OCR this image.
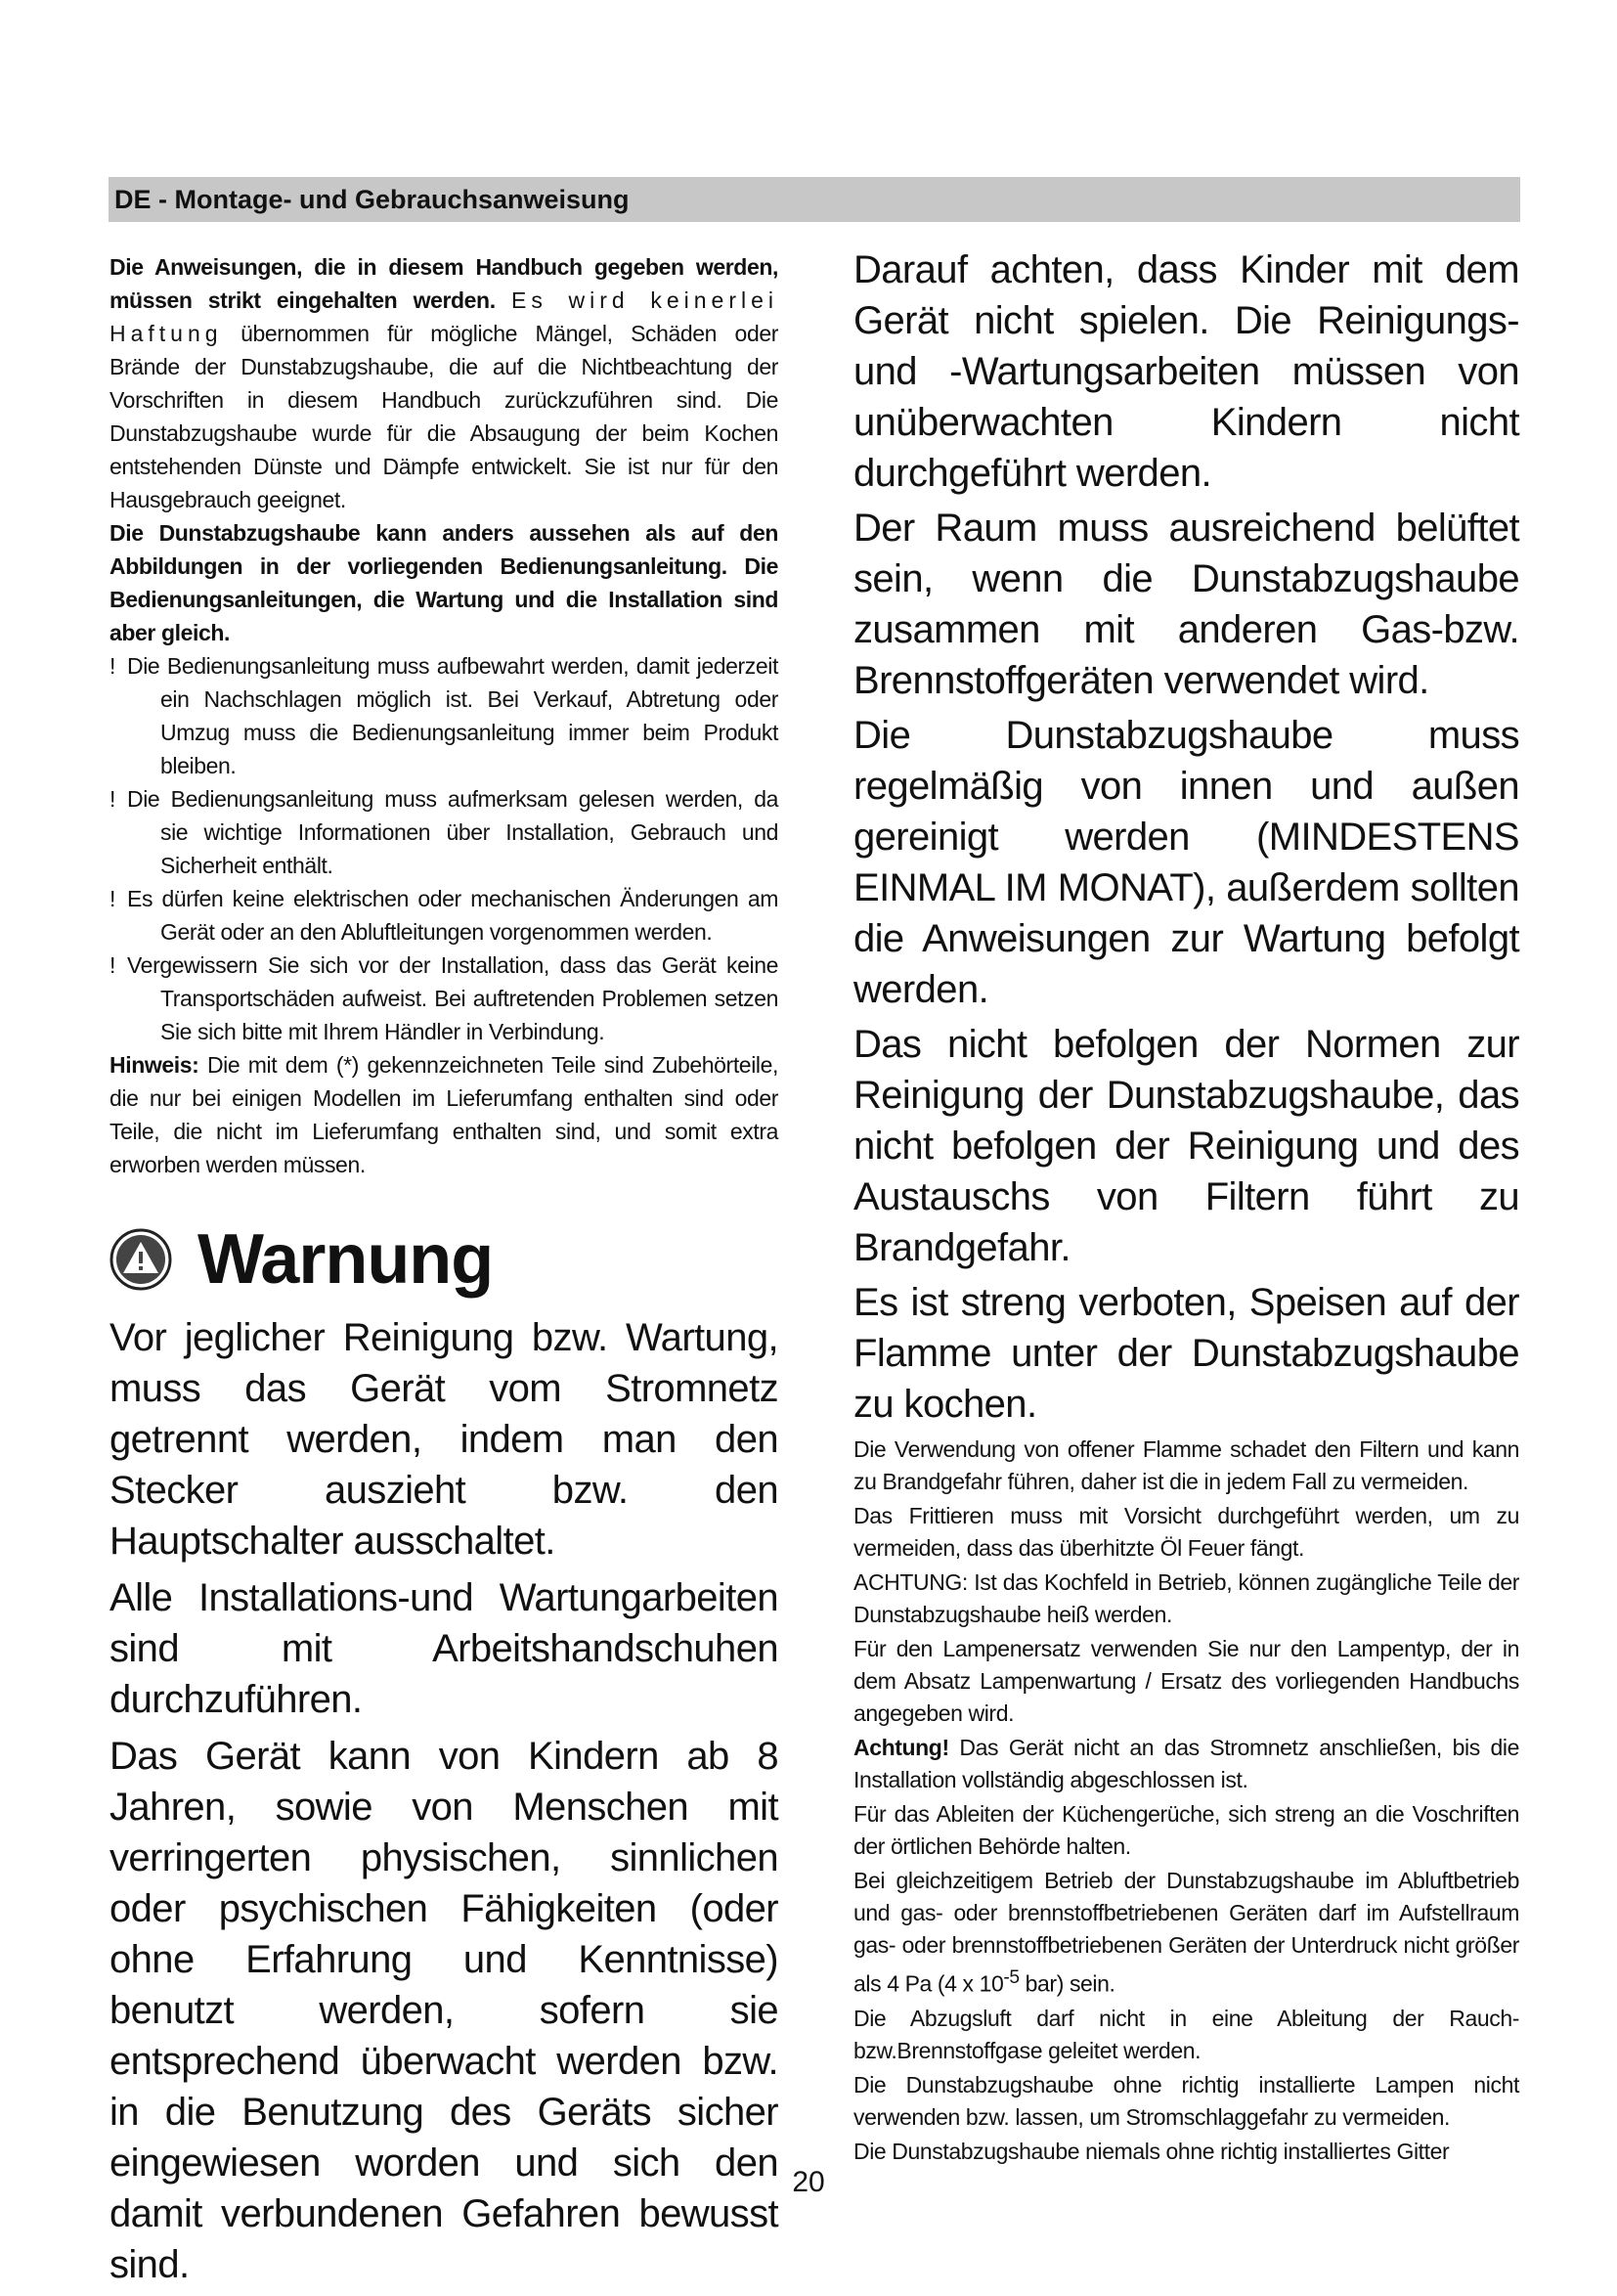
DE - Montage- und Gebrauchsanweisung

Die Anweisungen, die in diesem Handbuch gegeben werden, müssen strikt eingehalten werden. Es wird keinerlei Haftung übernommen für mögliche Mängel, Schäden oder Brände der Dunstabzugshaube, die auf die Nichtbeachtung der Vorschriften in diesem Handbuch zurückzuführen sind. Die Dunstabzugshaube wurde für die Absaugung der beim Kochen entstehenden Dünste und Dämpfe entwickelt. Sie ist nur für den Hausgebrauch geeignet.

Die Dunstabzugshaube kann anders aussehen als auf den Abbildungen in der vorliegenden Bedienungsanleitung. Die Bedienungsanleitungen, die Wartung und die Installation sind aber gleich.

! Die Bedienungsanleitung muss aufbewahrt werden, damit jederzeit ein Nachschlagen möglich ist. Bei Verkauf, Abtretung oder Umzug muss die Bedienungsanleitung immer beim Produkt bleiben.

! Die Bedienungsanleitung muss aufmerksam gelesen werden, da sie wichtige Informationen über Installation, Gebrauch und Sicherheit enthält.

! Es dürfen keine elektrischen oder mechanischen Änderungen am Gerät oder an den Abluftleitungen vorgenommen werden.

! Vergewissern Sie sich vor der Installation, dass das Gerät keine Transportschäden aufweist. Bei auftretenden Problemen setzen Sie sich bitte mit Ihrem Händler in Verbindung.

Hinweis: Die mit dem (*) gekennzeichneten Teile sind Zubehörteile, die nur bei einigen Modellen im Lieferumfang enthalten sind oder Teile, die nicht im Lieferumfang enthalten sind, und somit extra erworben werden müssen.

Warnung

Vor jeglicher Reinigung bzw. Wartung, muss das Gerät vom Stromnetz getrennt werden, indem man den Stecker auszieht bzw. den Hauptschalter ausschaltet.

Alle Installations-und Wartungarbeiten sind mit Arbeitshandschuhen durchzuführen.

Das Gerät kann von Kindern ab 8 Jahren, sowie von Menschen mit verringerten physischen, sinnlichen oder psychischen Fähigkeiten (oder ohne Erfahrung und Kenntnisse) benutzt werden, sofern sie entsprechend überwacht werden bzw. in die Benutzung des Geräts sicher eingewiesen worden und sich den damit verbundenen Gefahren bewusst sind.

Darauf achten, dass Kinder mit dem Gerät nicht spielen. Die Reinigungs- und -Wartungsarbeiten müssen von unüberwachten Kindern nicht durchgeführt werden.

Der Raum muss ausreichend belüftet sein, wenn die Dunstabzugshaube zusammen mit anderen Gas-bzw. Brennstoffgeräten verwendet wird.

Die Dunstabzugshaube muss regelmäßig von innen und außen gereinigt werden (MINDESTENS EINMAL IM MONAT), außerdem sollten die Anweisungen zur Wartung befolgt werden.

Das nicht befolgen der Normen zur Reinigung der Dunstabzugshaube, das nicht befolgen der Reinigung und des Austauschs von Filtern führt zu Brandgefahr.

Es ist streng verboten, Speisen auf der Flamme unter der Dunstabzugshaube zu kochen.

Die Verwendung von offener Flamme schadet den Filtern und kann zu Brandgefahr führen, daher ist die in jedem Fall zu vermeiden.

Das Frittieren muss mit Vorsicht durchgeführt werden, um zu vermeiden, dass das überhitzte Öl Feuer fängt.

ACHTUNG: Ist das Kochfeld in Betrieb, können zugängliche Teile der Dunstabzugshaube heiß werden.

Für den Lampenersatz verwenden Sie nur den Lampentyp, der in dem Absatz Lampenwartung / Ersatz des vorliegenden Handbuchs angegeben wird.

Achtung! Das Gerät nicht an das Stromnetz anschließen, bis die Installation vollständig abgeschlossen ist.

Für das Ableiten der Küchengerüche, sich streng an die Voschriften der örtlichen Behörde halten.

Bei gleichzeitigem Betrieb der Dunstabzugshaube im Abluftbetrieb und gas- oder brennstoffbetriebenen Geräten darf im Aufstellraum gas- oder brennstoffbetriebenen Geräten der Unterdruck nicht größer als 4 Pa (4 x $10^{-5}$ bar) sein.

Die Abzugsluft darf nicht in eine Ableitung der Rauch-bzw.Brennstoffgase geleitet werden.

Die Dunstabzugshaube ohne richtig installierte Lampen nicht verwenden bzw. lassen, um Stromschlaggefahr zu vermeiden.

Die Dunstabzugshaube niemals ohne richtig installiertes Gitter

20
